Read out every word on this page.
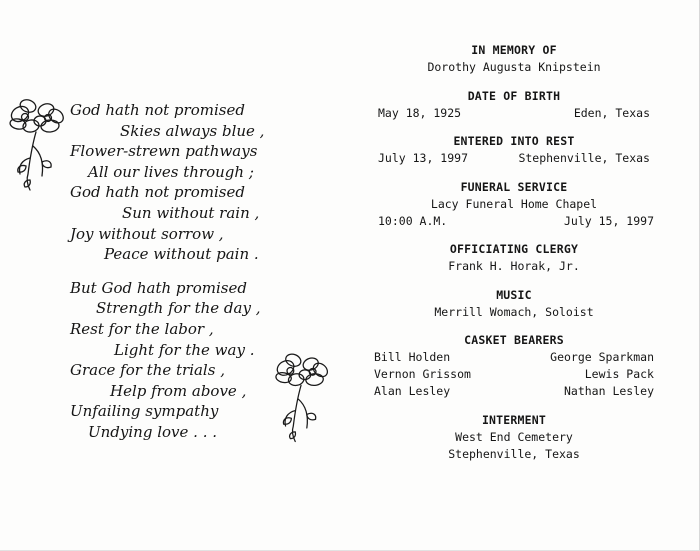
God hath not promised
Skies always blue ,
Flower-strewn pathways
All our lives through ;
God hath not promised
Sun without rain ,
Joy without sorrow ,
Peace without pain .
But God hath promised
Strength for the day ,
Rest for the labor ,
Light for the way .
Grace for the trials ,
Help from above ,
Unfailing sympathy
Undying love . . .
IN MEMORY OF
Dorothy Augusta Knipstein
DATE OF BIRTH
May 18, 1925	Eden, Texas
ENTERED INTO REST
July 13, 1997	Stephenville, Texas
FUNERAL SERVICE
Lacy Funeral Home Chapel
10:00 A.M.	July 15, 1997
OFFICIATING CLERGY
Frank H. Horak, Jr.
MUSIC
Merrill Womach, Soloist
CASKET BEARERS
Bill Holden	George Sparkman
Vernon Grissom	Lewis Pack
Alan Lesley	Nathan Lesley
INTERMENT
West End Cemetery
Stephenville, Texas
